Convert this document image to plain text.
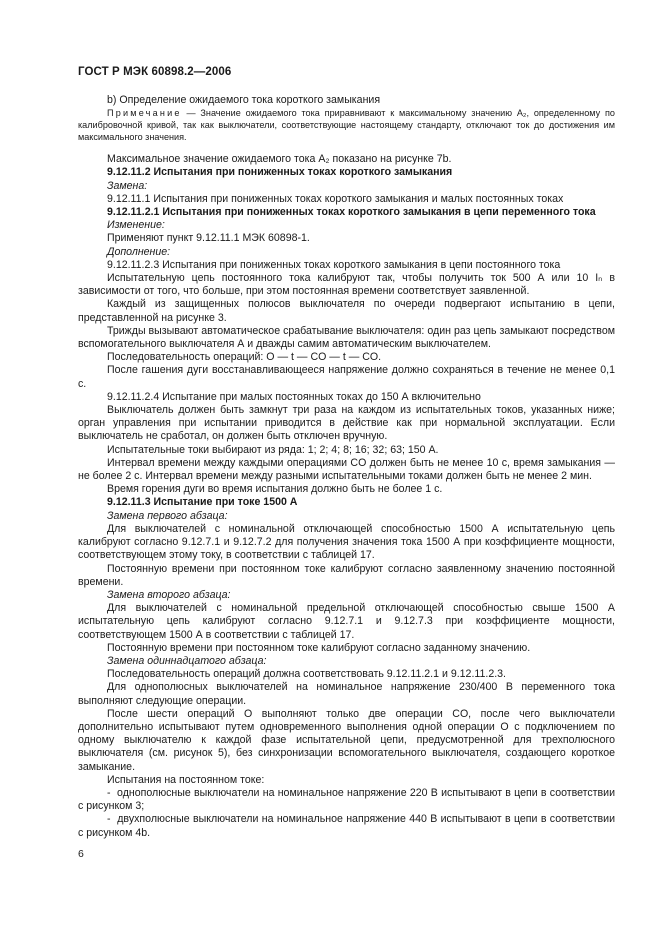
ГОСТ Р МЭК 60898.2—2006

b) Определение ожидаемого тока короткого замыкания

Примечание — Значение ожидаемого тока приравнивают к максимальному значению A₂, определенному по калибровочной кривой, так как выключатели, соответствующие настоящему стандарту, отключают ток до достижения им максимального значения.

Максимальное значение ожидаемого тока A₂ показано на рисунке 7b.

9.12.11.2 Испытания при пониженных токах короткого замыкания

Замена:

9.12.11.1 Испытания при пониженных токах короткого замыкания и малых постоянных токах

9.12.11.2.1 Испытания при пониженных токах короткого замыкания в цепи переменного тока

Изменение:

Применяют пункт 9.12.11.1 МЭК 60898-1.

Дополнение:

9.12.11.2.3 Испытания при пониженных токах короткого замыкания в цепи постоянного тока

Испытательную цепь постоянного тока калибруют так, чтобы получить ток 500 А или 10 Iₙ в зависимости от того, что больше, при этом постоянная времени соответствует заявленной.

Каждый из защищенных полюсов выключателя по очереди подвергают испытанию в цепи, представленной на рисунке 3.

Трижды вызывают автоматическое срабатывание выключателя: один раз цепь замыкают посредством вспомогательного выключателя А и дважды самим автоматическим выключателем.

Последовательность операций: О — t — CO — t — CO.

После гашения дуги восстанавливающееся напряжение должно сохраняться в течение не менее 0,1 с.

9.12.11.2.4 Испытание при малых постоянных токах до 150 А включительно

Выключатель должен быть замкнут три раза на каждом из испытательных токов, указанных ниже; орган управления при испытании приводится в действие как при нормальной эксплуатации. Если выключатель не сработал, он должен быть отключен вручную.

Испытательные токи выбирают из ряда: 1; 2; 4; 8; 16; 32; 63; 150 А.

Интервал времени между каждыми операциями CO должен быть не менее 10 с, время замыкания — не более 2 с. Интервал времени между разными испытательными токами должен быть не менее 2 мин.

Время горения дуги во время испытания должно быть не более 1 с.

9.12.11.3 Испытание при токе 1500 А

Замена первого абзаца:

Для выключателей с номинальной отключающей способностью 1500 А испытательную цепь калибруют согласно 9.12.7.1 и 9.12.7.2 для получения значения тока 1500 А при коэффициенте мощности, соответствующем этому току, в соответствии с таблицей 17.

Постоянную времени при постоянном токе калибруют согласно заявленному значению постоянной времени.

Замена второго абзаца:

Для выключателей с номинальной предельной отключающей способностью свыше 1500 А испытательную цепь калибруют согласно 9.12.7.1 и 9.12.7.3 при коэффициенте мощности, соответствующем 1500 А в соответствии с таблицей 17.

Постоянную времени при постоянном токе калибруют согласно заданному значению.

Замена одиннадцатого абзаца:

Последовательность операций должна соответствовать 9.12.11.2.1 и 9.12.11.2.3.

Для однополюсных выключателей на номинальное напряжение 230/400 В переменного тока выполняют следующие операции.

После шести операций О выполняют только две операции CO, после чего выключатели дополнительно испытывают путем одновременного выполнения одной операции О с подключением по одному выключателю к каждой фазе испытательной цепи, предусмотренной для трехполюсного выключателя (см. рисунок 5), без синхронизации вспомогательного выключателя, создающего короткое замыкание.

Испытания на постоянном токе:

- однополюсные выключатели на номинальное напряжение 220 В испытывают в цепи в соответствии с рисунком 3;

- двухполюсные выключатели на номинальное напряжение 440 В испытывают в цепи в соответствии с рисунком 4b.

6
